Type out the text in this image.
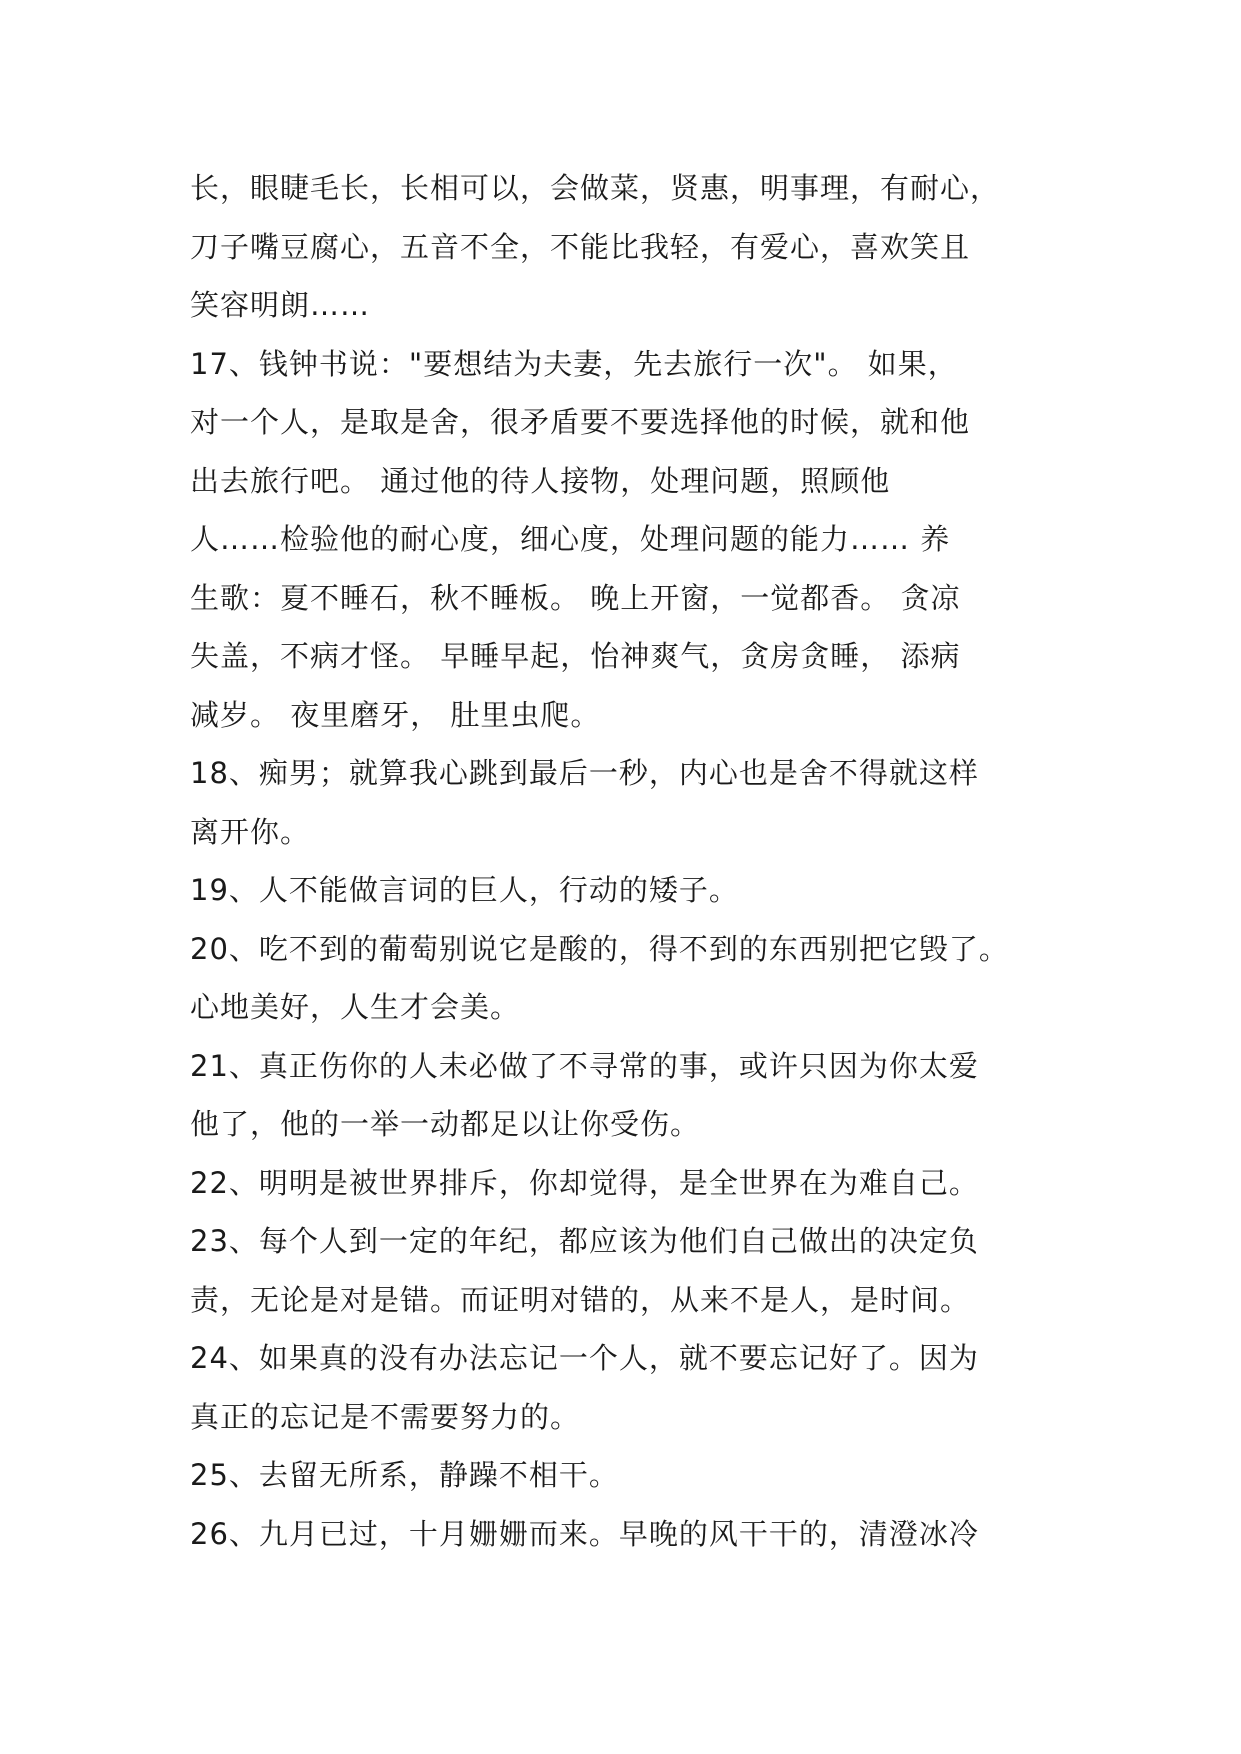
长，眼睫毛长，长相可以，会做菜，贤惠，明事理，有耐心，
刀子嘴豆腐心，五音不全，不能比我轻，有爱心，喜欢笑且
笑容明朗……
17、钱钟书说："要想结为夫妻，先去旅行一次"。 如果，
对一个人，是取是舍，很矛盾要不要选择他的时候，就和他
出去旅行吧。 通过他的待人接物，处理问题，照顾他
人……检验他的耐心度，细心度，处理问题的能力…… 养
生歌：夏不睡石，秋不睡板。 晚上开窗，一觉都香。 贪凉
失盖，不病才怪。 早睡早起，怡神爽气，贪房贪睡， 添病
减岁。 夜里磨牙， 肚里虫爬。
18、痴男；就算我心跳到最后一秒，内心也是舍不得就这样
离开你。
19、人不能做言词的巨人，行动的矮子。
20、吃不到的葡萄别说它是酸的，得不到的东西别把它毁了。
心地美好，人生才会美。
21、真正伤你的人未必做了不寻常的事，或许只因为你太爱
他了，他的一举一动都足以让你受伤。
22、明明是被世界排斥，你却觉得，是全世界在为难自己。
23、每个人到一定的年纪，都应该为他们自己做出的决定负
责，无论是对是错。而证明对错的，从来不是人，是时间。
24、如果真的没有办法忘记一个人，就不要忘记好了。因为
真正的忘记是不需要努力的。
25、去留无所系，静躁不相干。
26、九月已过，十月姗姗而来。早晚的风干干的，清澄冰冷
